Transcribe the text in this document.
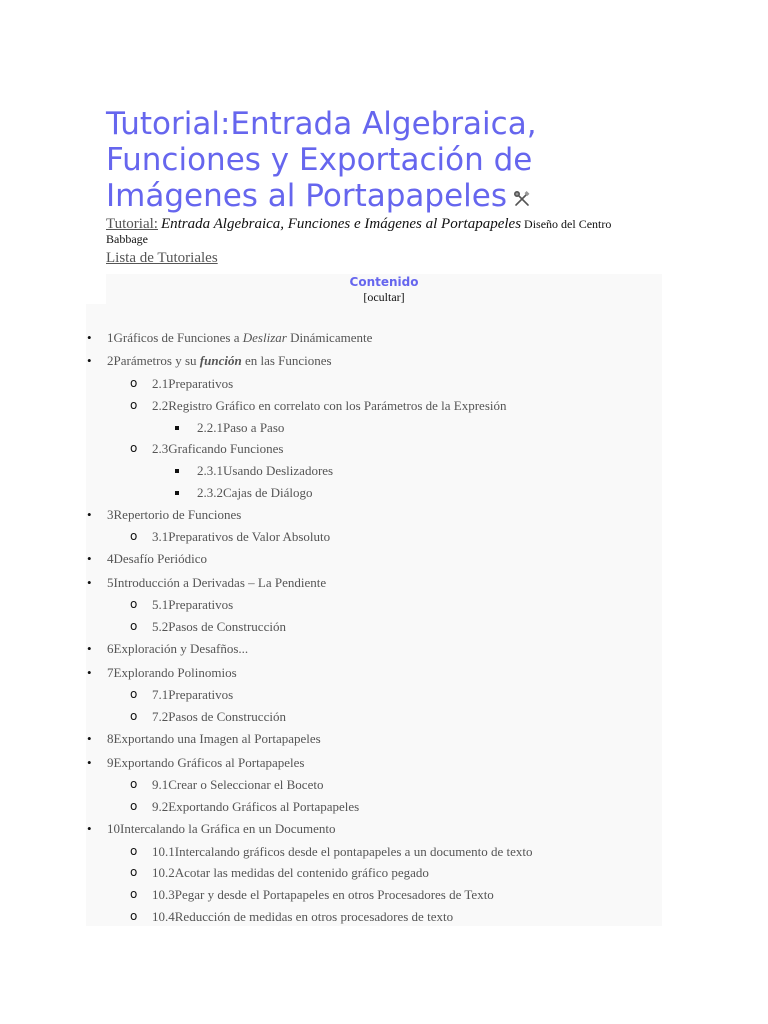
Tutorial:Entrada Algebraica, Funciones y Exportación de Imágenes al Portapapeles
Tutorial: Entrada Algebraica, Funciones e Imágenes al Portapapeles Diseño del Centro Babbage
Lista de Tutoriales
Contenido
[ocultar]
• 1Gráficos de Funciones a Deslizar Dinámicamente
• 2Parámetros y su función en las Funciones
o 2.1Preparativos
o 2.2Registro Gráfico en correlato con los Parámetros de la Expresión
2.2.1Paso a Paso
o 2.3Graficando Funciones
2.3.1Usando Deslizadores
2.3.2Cajas de Diálogo
• 3Repertorio de Funciones
o 3.1Preparativos de Valor Absoluto
• 4Desafío Periódico
• 5Introducción a Derivadas – La Pendiente
o 5.1Preparativos
o 5.2Pasos de Construcción
• 6Exploración y Desafños...
• 7Explorando Polinomios
o 7.1Preparativos
o 7.2Pasos de Construcción
• 8Exportando una Imagen al Portapapeles
• 9Exportando Gráficos al Portapapeles
o 9.1Crear o Seleccionar el Boceto
o 9.2Exportando Gráficos al Portapapeles
• 10Intercalando la Gráfica en un Documento
o 10.1Intercalando gráficos desde el pontapapeles a un documento de texto
o 10.2Acotar las medidas del contenido gráfico pegado
o 10.3Pegar y desde el Portapapeles en otros Procesadores de Texto
o 10.4Reducción de medidas en otros procesadores de texto
